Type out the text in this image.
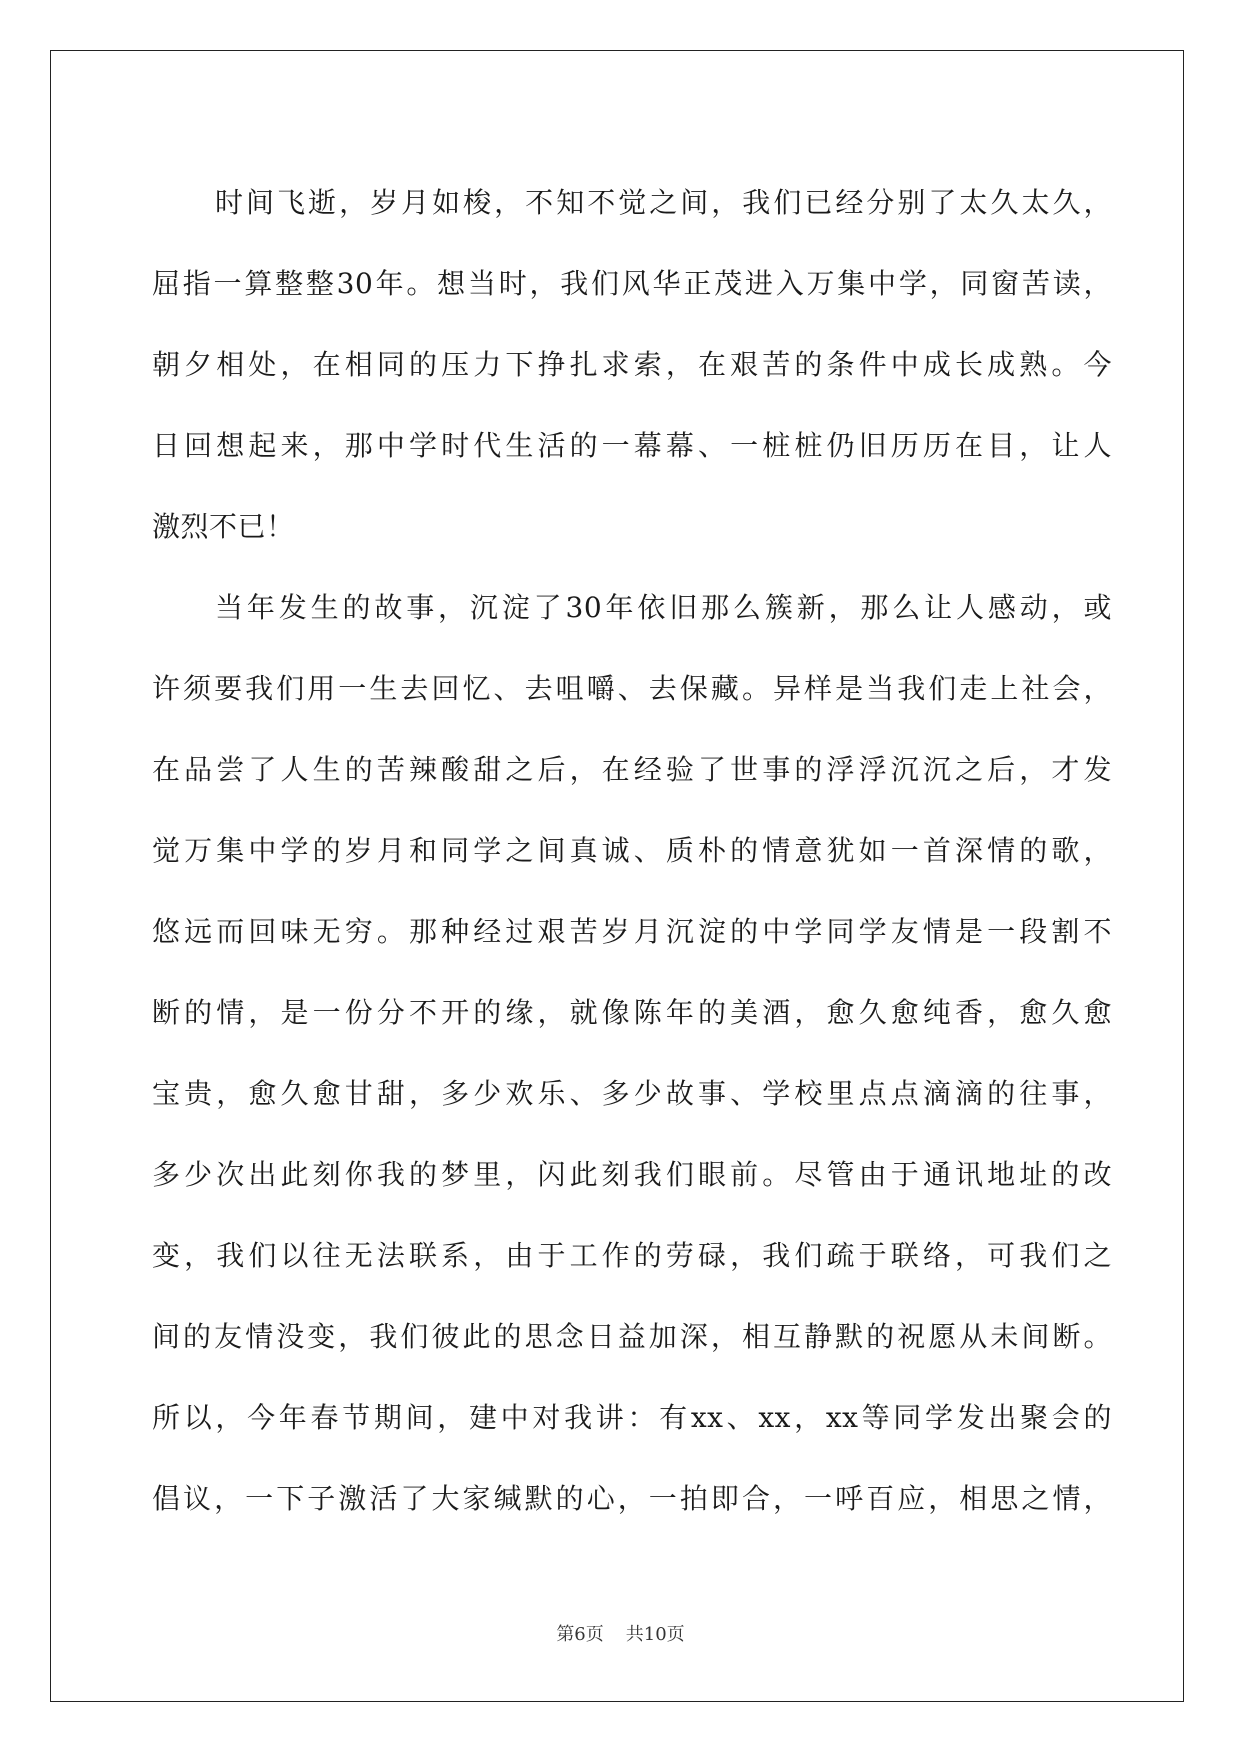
时间飞逝，岁月如梭，不知不觉之间，我们已经分别了太久太久，
屈指一算整整30年。想当时，我们风华正茂进入万集中学，同窗苦读，
朝夕相处，在相同的压力下挣扎求索，在艰苦的条件中成长成熟。今
日回想起来，那中学时代生活的一幕幕、一桩桩仍旧历历在目，让人
激烈不已！
当年发生的故事，沉淀了30年依旧那么簇新，那么让人感动，或
许须要我们用一生去回忆、去咀嚼、去保藏。异样是当我们走上社会，
在品尝了人生的苦辣酸甜之后，在经验了世事的浮浮沉沉之后，才发
觉万集中学的岁月和同学之间真诚、质朴的情意犹如一首深情的歌，
悠远而回味无穷。那种经过艰苦岁月沉淀的中学同学友情是一段割不
断的情，是一份分不开的缘，就像陈年的美酒，愈久愈纯香，愈久愈
宝贵，愈久愈甘甜，多少欢乐、多少故事、学校里点点滴滴的往事，
多少次出此刻你我的梦里，闪此刻我们眼前。尽管由于通讯地址的改
变，我们以往无法联系，由于工作的劳碌，我们疏于联络，可我们之
间的友情没变，我们彼此的思念日益加深，相互静默的祝愿从未间断。
所以，今年春节期间，建中对我讲：有xx、xx，xx等同学发出聚会的
倡议，一下子激活了大家缄默的心，一拍即合，一呼百应，相思之情，
第6页 共10页
